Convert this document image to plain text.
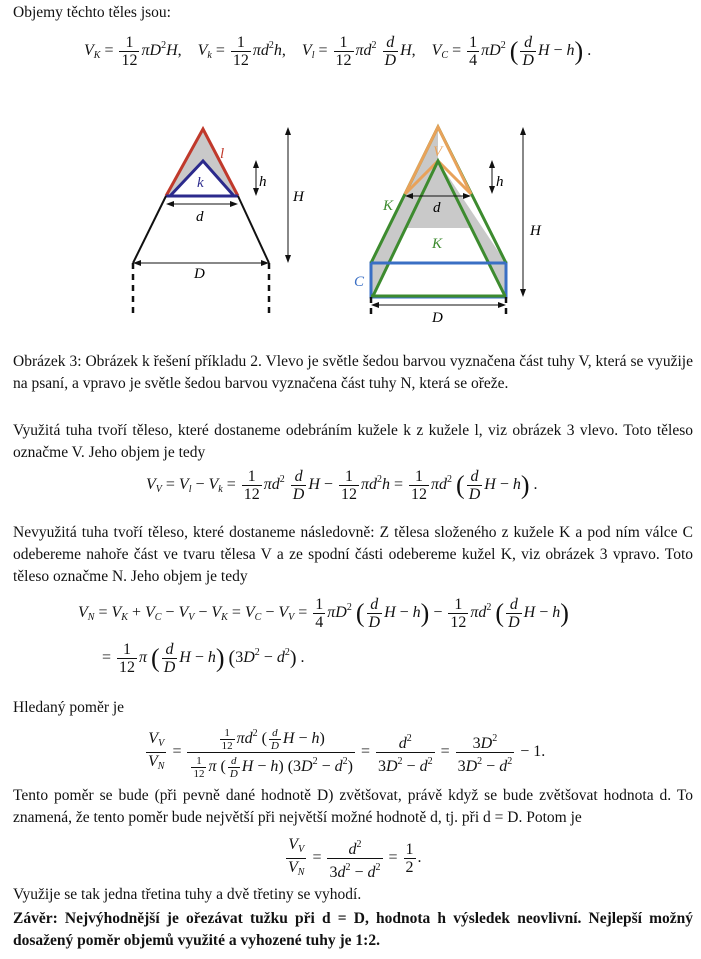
Objemy těchto těles jsou:
$V_K = \frac{1}{12} \pi D^2H$,    $V_k = \frac{1}{12} \pi d^2h$,    $V_l = \frac{1}{12} \pi d^2 \frac{d}{D} H$,    $V_C = \frac{1}{4} \pi D^2$ ( $\frac{d}{D}$ H − h) .
l
k	h
H
d
D
V
K
K
h
H
d
D
C
Obrázek 3: Obrázek k řešení příkladu 2. Vlevo je světle šedou barvou vyznačena část tuhy V, která se využije na psaní, a vpravo je světle šedou barvou vyznačena část tuhy N, která se ořeže.
Využitá tuha tvoří těleso, které dostaneme odebráním kužele k z kužele l, viz obrázek 3 vlevo. Toto těleso označme V. Jeho objem je tedy
$V_V = V_l - V_k = \frac{1}{12} \pi d^2 \frac{d}{D}$ $H - \frac{1}{12} \pi d^2h = \frac{1}{12} \pi d^2$ ( $\frac{d}{D}$ H − h) .
Nevyužitá tuha tvoří těleso, které dostaneme následovně: Z tělesa složeného z kužele K a pod ním válce C odebereme nahoře část ve tvaru tělesa V a ze spodní části odebereme kužel K, viz obrázek 3 vpravo. Toto těleso označme N. Jeho objem je tedy
$V_N = V_K + V_C - V_V - V_K = V_C - V_V = \frac{1}{4} \pi D^2$ ( $\frac{d}{D}$ $H - h) - \frac{1}{12} \pi d^2$ ( $\frac{d}{D}$ H − h)
= $\frac{1}{12}$ π ( $\frac{d}{D}$ H − h) $(3D^2 - d^2)$ .
Hledaný poměr je
$\frac{V_V}{V_N} = \frac{\frac{1}{12} \pi d^2 ( \frac{d}{D} H - h)}{\frac{1}{12} \pi ( \frac{d}{D} H - h) (3D^2 - d^2)} = \frac{d^2}{3D^2 - d^2} = \frac{3D^2}{3D^2 - d^2} - 1$.
Tento poměr se bude (při pevně dané hodnotě D) zvětšovat, právě když se bude zvětšovat hodnota d. To znamená, že tento poměr bude největší při největší možné hodnotě d, tj. při d = D. Potom je
$\frac{V_V}{V_N} = \frac{d^2}{3d^2 - d^2} = \frac{1}{2}$ .
Využije se tak jedna třetina tuhy a dvě třetiny se vyhodí.
Závěr: Nejvýhodnější je ořezávat tužku při d = D, hodnota h výsledek neovlivní. Nejlepší možný dosažený poměr objemů využité a vyhozené tuhy je 1:2.
